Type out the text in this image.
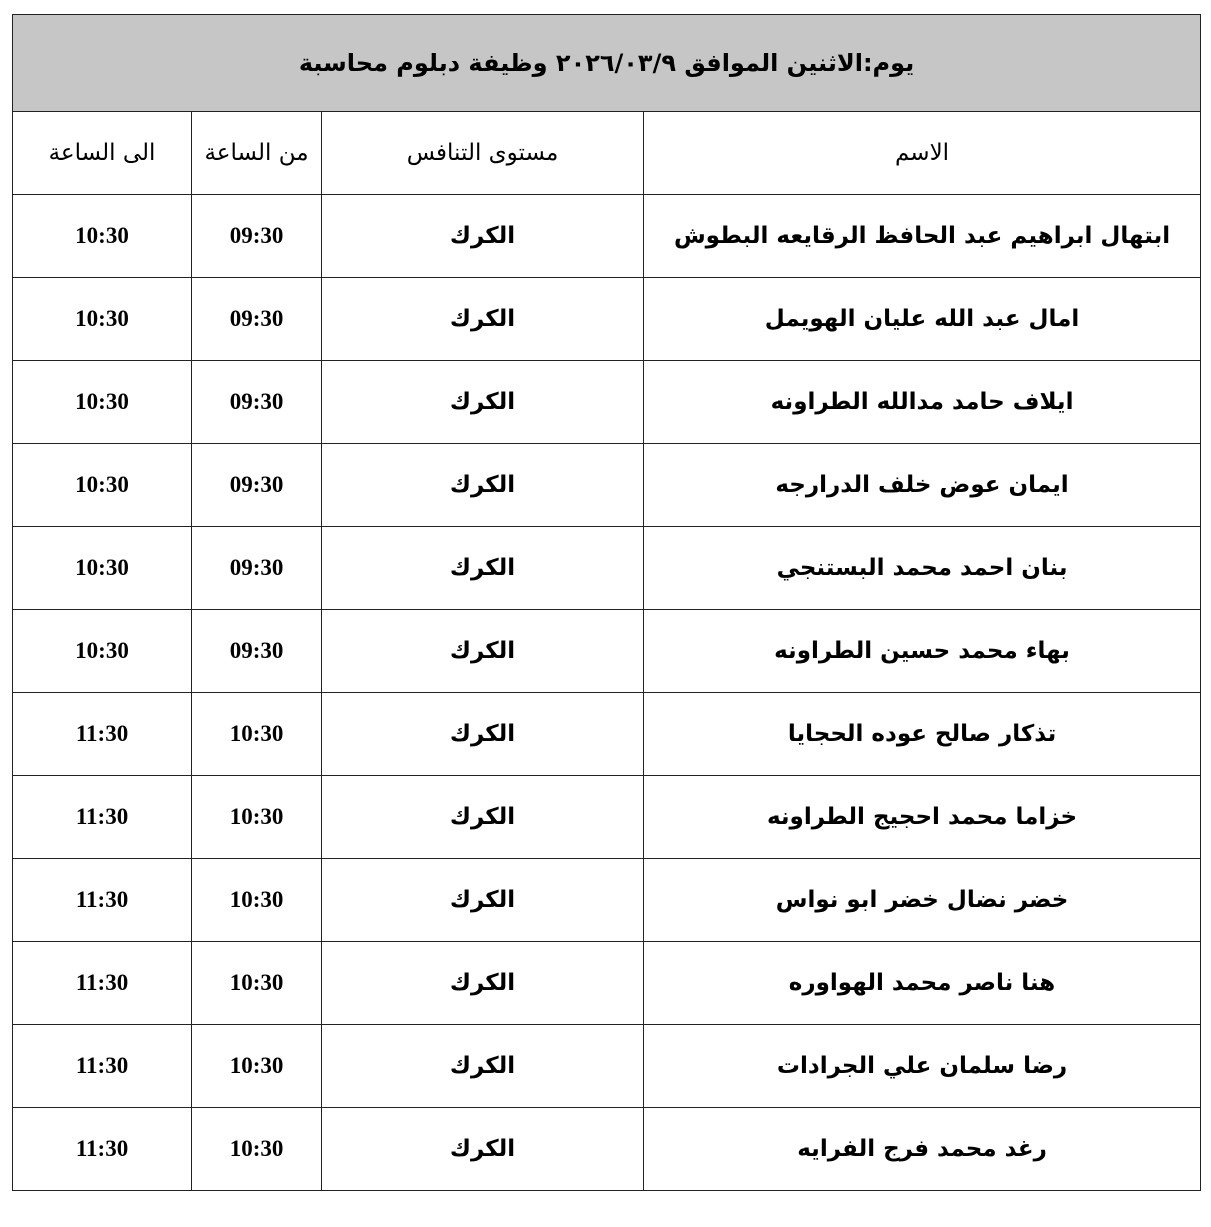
يوم:الاثنين الموافق ٢٠٢٦/٠٣/٩ وظيفة دبلوم محاسبة			
الاسم	مستوى التنافس	من الساعة	الى الساعة
ابتهال ابراهيم عبد الحافظ الرقايعه البطوش	الكرك	09:30	10:30
امال عبد الله عليان الهويمل	الكرك	09:30	10:30
ايلاف حامد مدالله الطراونه	الكرك	09:30	10:30
ايمان عوض خلف الدرارجه	الكرك	09:30	10:30
بنان احمد محمد البستنجي	الكرك	09:30	10:30
بهاء محمد حسين الطراونه	الكرك	09:30	10:30
تذكار صالح عوده الحجايا	الكرك	10:30	11:30
خزاما محمد احجيج الطراونه	الكرك	10:30	11:30
خضر نضال خضر ابو نواس	الكرك	10:30	11:30
هنا ناصر محمد الهواوره	الكرك	10:30	11:30
رضا سلمان علي الجرادات	الكرك	10:30	11:30
رغد محمد فرج الفرايه	الكرك	10:30	11:30
